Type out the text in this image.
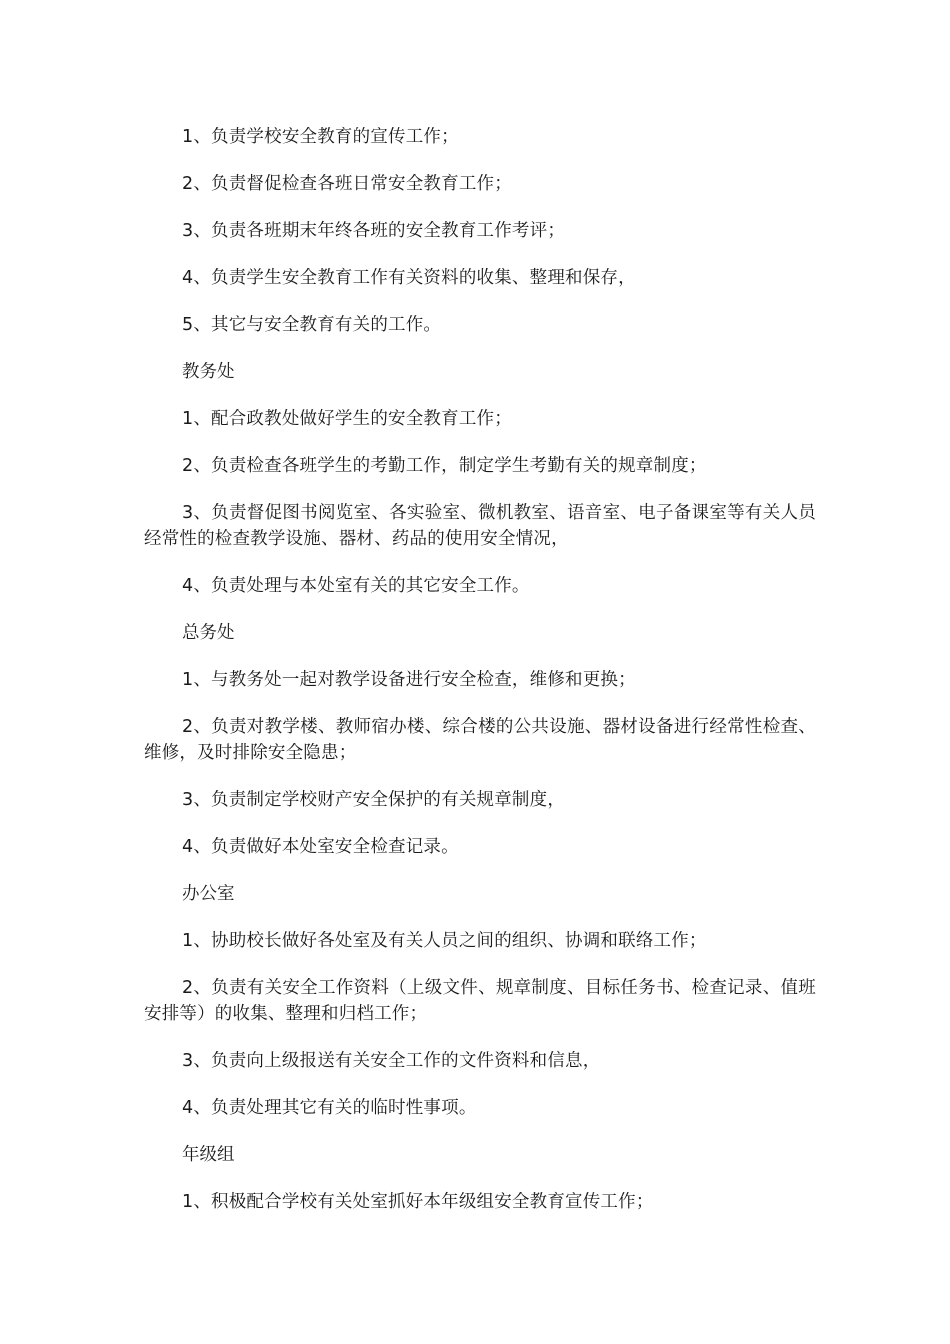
1、负责学校安全教育的宣传工作；

2、负责督促检查各班日常安全教育工作；

3、负责各班期末年终各班的安全教育工作考评；

4、负责学生安全教育工作有关资料的收集、整理和保存，

5、其它与安全教育有关的工作。

教务处

1、配合政教处做好学生的安全教育工作；

2、负责检查各班学生的考勤工作，制定学生考勤有关的规章制度；

3、负责督促图书阅览室、各实验室、微机教室、语音室、电子备课室等有关人员经常性的检查教学设施、器材、药品的使用安全情况，

4、负责处理与本处室有关的其它安全工作。

总务处

1、与教务处一起对教学设备进行安全检查，维修和更换；

2、负责对教学楼、教师宿办楼、综合楼的公共设施、器材设备进行经常性检查、维修，及时排除安全隐患；

3、负责制定学校财产安全保护的有关规章制度，

4、负责做好本处室安全检查记录。

办公室

1、协助校长做好各处室及有关人员之间的组织、协调和联络工作；

2、负责有关安全工作资料（上级文件、规章制度、目标任务书、检查记录、值班安排等）的收集、整理和归档工作；

3、负责向上级报送有关安全工作的文件资料和信息，

4、负责处理其它有关的临时性事项。

年级组

1、积极配合学校有关处室抓好本年级组安全教育宣传工作；
